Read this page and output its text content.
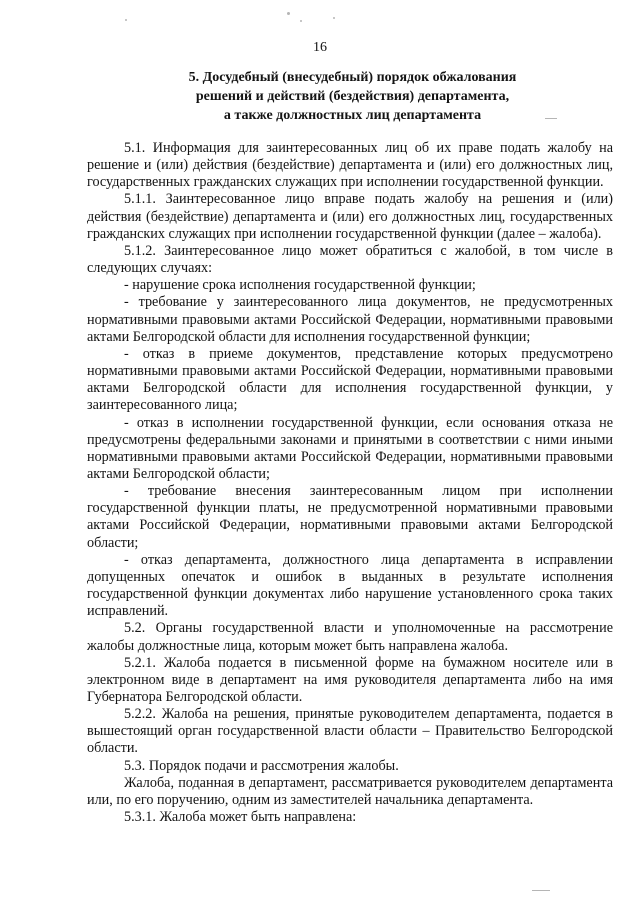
16
5. Досудебный (внесудебный) порядок обжалования
решений и действий (бездействия) департамента,
а также должностных лиц департамента

5.1. Информация для заинтересованных лиц об их праве подать жалобу на решение и (или) действия (бездействие) департамента и (или) его должностных лиц, государственных гражданских служащих при исполнении государственной функции.

5.1.1. Заинтересованное лицо вправе подать жалобу на решения и (или) действия (бездействие) департамента и (или) его должностных лиц, государственных гражданских служащих при исполнении государственной функции (далее – жалоба).

5.1.2. Заинтересованное лицо может обратиться с жалобой, в том числе в следующих случаях:

- нарушение срока исполнения государственной функции;

- требование у заинтересованного лица документов, не предусмотренных нормативными правовыми актами Российской Федерации, нормативными правовыми актами Белгородской области для исполнения государственной функции;

- отказ в приеме документов, представление которых предусмотрено нормативными правовыми актами Российской Федерации, нормативными правовыми актами Белгородской области для исполнения государственной функции, у заинтересованного лица;

- отказ в исполнении государственной функции, если основания отказа не предусмотрены федеральными законами и принятыми в соответствии с ними иными нормативными правовыми актами Российской Федерации, нормативными правовыми актами Белгородской области;

- требование внесения заинтересованным лицом при исполнении государственной функции платы, не предусмотренной нормативными правовыми актами Российской Федерации, нормативными правовыми актами Белгородской области;

- отказ департамента, должностного лица департамента в исправлении допущенных опечаток и ошибок в выданных в результате исполнения государственной функции документах либо нарушение установленного срока таких исправлений.

5.2. Органы государственной власти и уполномоченные на рассмотрение жалобы должностные лица, которым может быть направлена жалоба.

5.2.1. Жалоба подается в письменной форме на бумажном носителе или в электронном виде в департамент на имя руководителя департамента либо на имя Губернатора Белгородской области.

5.2.2. Жалоба на решения, принятые руководителем департамента, подается в вышестоящий орган государственной власти области – Правительство Белгородской области.

5.3. Порядок подачи и рассмотрения жалобы.

Жалоба, поданная в департамент, рассматривается руководителем департамента или, по его поручению, одним из заместителей начальника департамента.

5.3.1. Жалоба может быть направлена:
